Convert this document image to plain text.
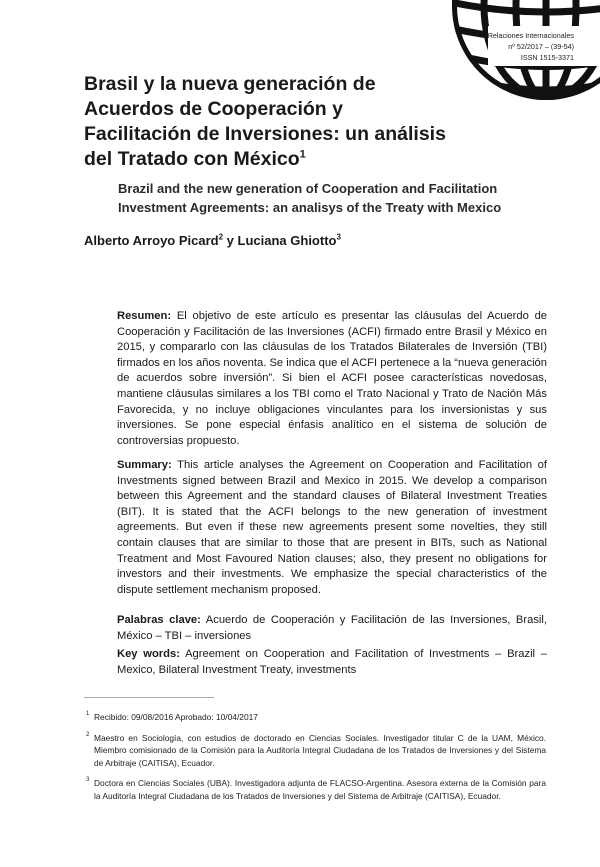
Relaciones Internacionales
nº 52/2017 – (39-54)
ISSN 1515-3371
Brasil y la nueva generación de Acuerdos de Cooperación y Facilitación de Inversiones: un análisis del Tratado con México$^1$
Brazil and the new generation of Cooperation and Facilitation Investment Agreements: an analisys of the Treaty with Mexico

Alberto Arroyo Picard$^2$ y Luciana Ghiotto$^3$

Resumen: El objetivo de este artículo es presentar las cláusulas del Acuerdo de Cooperación y Facilitación de las Inversiones (ACFI) firmado entre Brasil y México en 2015, y compararlo con las cláusulas de los Tratados Bilaterales de Inversión (TBI) firmados en los años noventa. Se indica que el ACFI pertenece a la “nueva generación de acuerdos sobre inversión”. Si bien el ACFI posee características novedosas, mantiene cláusulas similares a los TBI como el Trato Nacional y Trato de Nación Más Favorecida, y no incluye obligaciones vinculantes para los inversionistas y sus inversiones. Se pone especial énfasis analítico en el sistema de solución de controversias propuesto.

Summary: This article analyses the Agreement on Cooperation and Facilitation of Investments signed between Brazil and Mexico in 2015. We develop a comparison between this Agreement and the standard clauses of Bilateral Investment Treaties (BIT). It is stated that the ACFI belongs to the new generation of investment agreements. But even if these new agreements present some novelties, they still contain clauses that are similar to those that are present in BITs, such as National Treatment and Most Favoured Nation clauses; also, they present no obligations for investors and their investments. We emphasize the special characteristics of the dispute settlement mechanism proposed.

Palabras clave: Acuerdo de Cooperación y Facilitación de las Inversiones, Brasil, México – TBI – inversiones

Key words: Agreement on Cooperation and Facilitation of Investments – Brazil – Mexico, Bilateral Investment Treaty, investments

1 Recibido: 09/08/2016 Aprobado: 10/04/2017

2 Maestro en Sociología, con estudios de doctorado en Ciencias Sociales. Investigador titular C de la UAM, México. Miembro comisionado de la Comisión para la Auditoría Integral Ciudadana de los Tratados de Inversiones y del Sistema de Arbitraje (CAITISA), Ecuador.

3 Doctora en Ciencias Sociales (UBA). Investigadora adjunta de FLACSO-Argentina. Asesora externa de la Comisión para la Auditoría Integral Ciudadana de los Tratados de Inversiones y del Sistema de Arbitraje (CAITISA), Ecuador.
